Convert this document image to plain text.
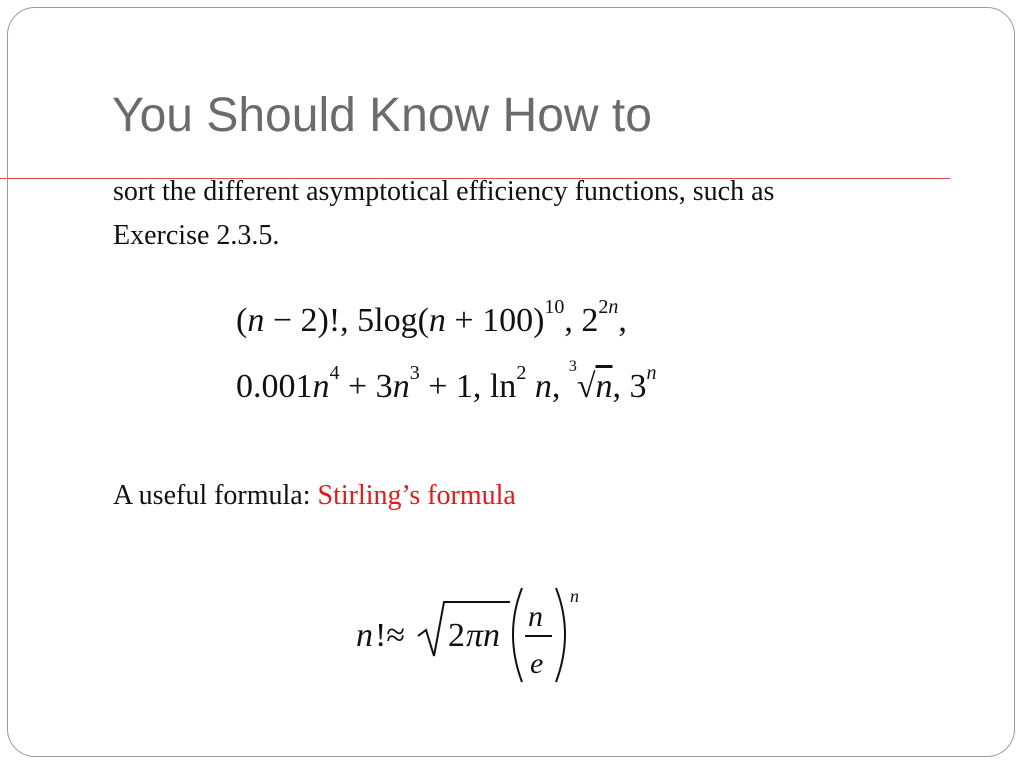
You Should Know How to
sort the different asymptotical efficiency functions, such as
Exercise 2.3.5.
(n − 2)!, $5\log(n + 100)^{10}$, $2^{2n}$,
$0.001n^4 + 3n^3 + 1$, $\ln^2 n$, $^3$√n, 3$^n$
A useful formula: Stirling’s formula
n !≈ 2 πn
n
e
n
